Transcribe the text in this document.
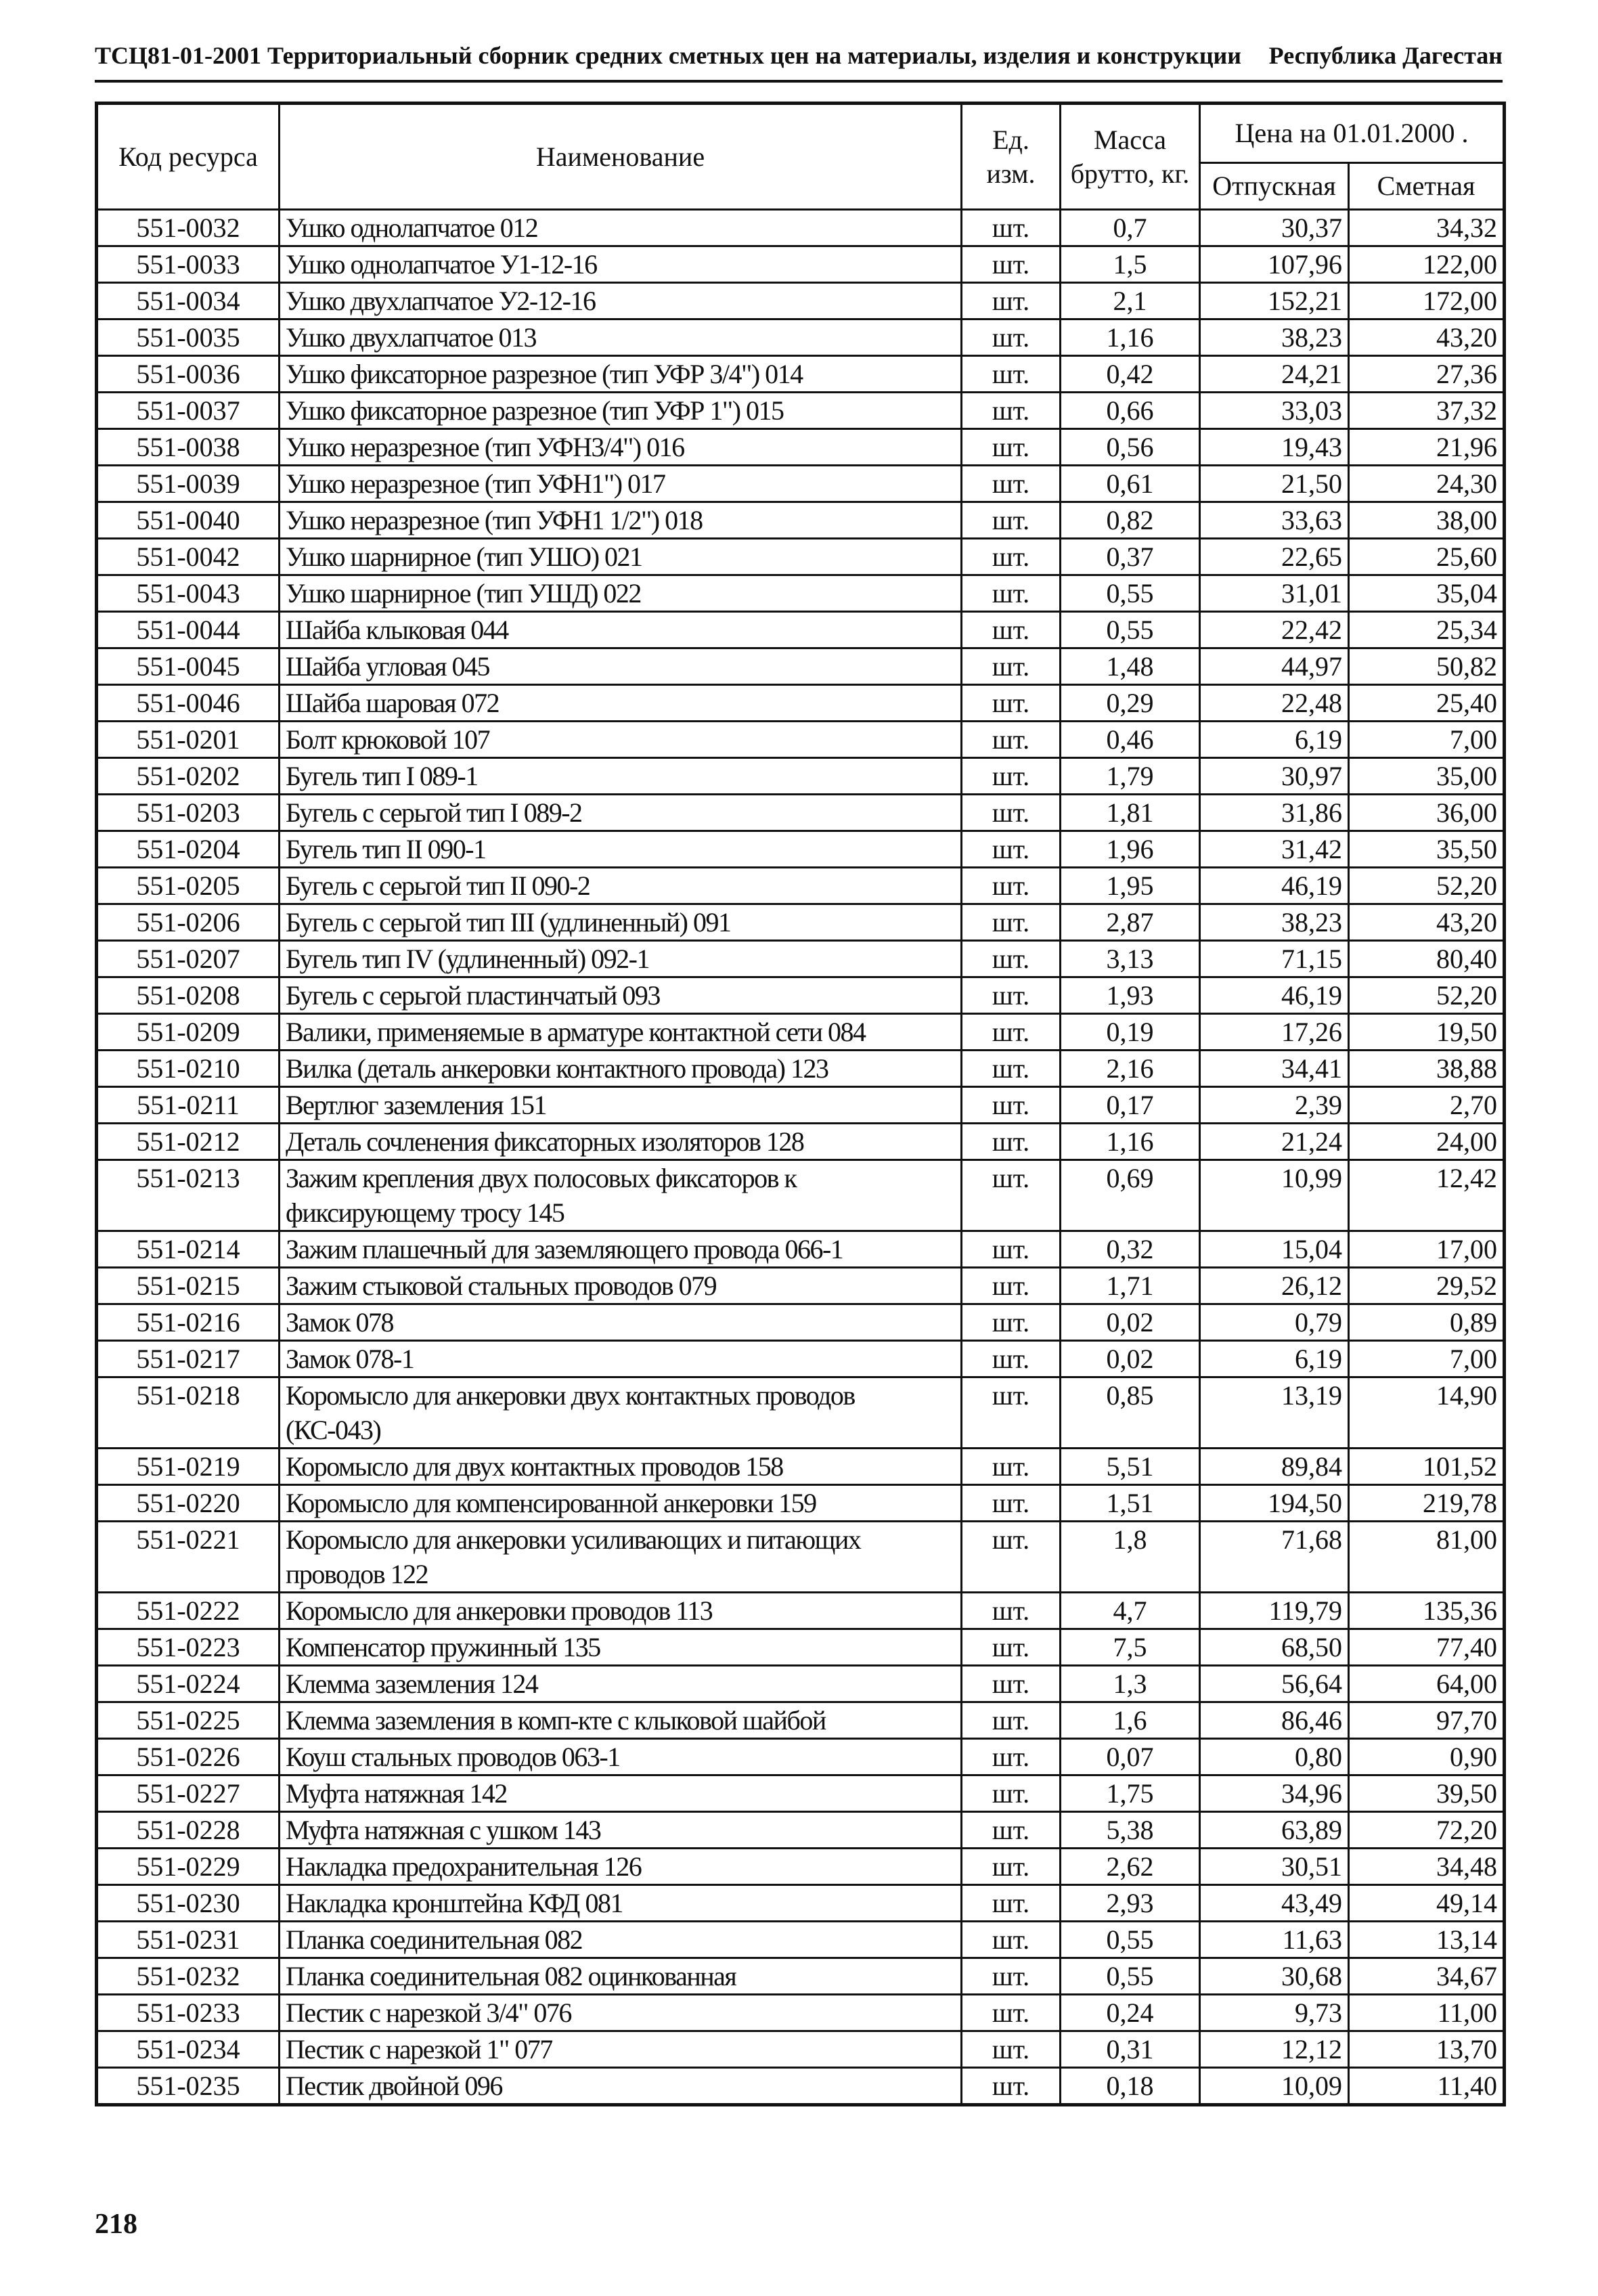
ТСЦ81-01-2001 Территориальный сборник средних сметных цен на материалы, изделия и конструкции Республика Дагестан
Код ресурса	Наименование	Ед. изм.	Масса брутто, кг.	Цена на 01.01.2000 .	
				Отпускная	Сметная
551-0032	Ушко однолапчатое 012	шт.	0,7	30,37	34,32
551-0033	Ушко однолапчатое У1-12-16	шт.	1,5	107,96	122,00
551-0034	Ушко двухлапчатое У2-12-16	шт.	2,1	152,21	172,00
551-0035	Ушко двухлапчатое 013	шт.	1,16	38,23	43,20
551-0036	Ушко фиксаторное разрезное (тип УФР 3/4") 014	шт.	0,42	24,21	27,36
551-0037	Ушко фиксаторное разрезное (тип УФР 1") 015	шт.	0,66	33,03	37,32
551-0038	Ушко неразрезное (тип УФН3/4") 016	шт.	0,56	19,43	21,96
551-0039	Ушко неразрезное (тип УФН1") 017	шт.	0,61	21,50	24,30
551-0040	Ушко неразрезное (тип УФН1 1/2") 018	шт.	0,82	33,63	38,00
551-0042	Ушко шарнирное (тип УШО) 021	шт.	0,37	22,65	25,60
551-0043	Ушко шарнирное (тип УШД) 022	шт.	0,55	31,01	35,04
551-0044	Шайба клыковая 044	шт.	0,55	22,42	25,34
551-0045	Шайба угловая 045	шт.	1,48	44,97	50,82
551-0046	Шайба шаровая 072	шт.	0,29	22,48	25,40
551-0201	Болт крюковой 107	шт.	0,46	6,19	7,00
551-0202	Бугель тип I 089-1	шт.	1,79	30,97	35,00
551-0203	Бугель с серьгой тип I 089-2	шт.	1,81	31,86	36,00
551-0204	Бугель тип II 090-1	шт.	1,96	31,42	35,50
551-0205	Бугель с серьгой тип II 090-2	шт.	1,95	46,19	52,20
551-0206	Бугель с серьгой тип III (удлиненный) 091	шт.	2,87	38,23	43,20
551-0207	Бугель тип IV (удлиненный) 092-1	шт.	3,13	71,15	80,40
551-0208	Бугель с серьгой пластинчатый 093	шт.	1,93	46,19	52,20
551-0209	Валики, применяемые в арматуре контактной сети 084	шт.	0,19	17,26	19,50
551-0210	Вилка (деталь анкеровки контактного провода) 123	шт.	2,16	34,41	38,88
551-0211	Вертлюг заземления 151	шт.	0,17	2,39	2,70
551-0212	Деталь сочленения фиксаторных изоляторов 128	шт.	1,16	21,24	24,00
551-0213	Зажим крепления двух полосовых фиксаторов к фиксирующему тросу 145	шт.	0,69	10,99	12,42
551-0214	Зажим плашечный для заземляющего провода 066-1	шт.	0,32	15,04	17,00
551-0215	Зажим стыковой стальных проводов 079	шт.	1,71	26,12	29,52
551-0216	Замок 078	шт.	0,02	0,79	0,89
551-0217	Замок 078-1	шт.	0,02	6,19	7,00
551-0218	Коромысло для анкеровки двух контактных проводов (КС-043)	шт.	0,85	13,19	14,90
551-0219	Коромысло для двух контактных проводов 158	шт.	5,51	89,84	101,52
551-0220	Коромысло для компенсированной анкеровки 159	шт.	1,51	194,50	219,78
551-0221	Коромысло для анкеровки усиливающих и питающих проводов 122	шт.	1,8	71,68	81,00
551-0222	Коромысло для анкеровки проводов 113	шт.	4,7	119,79	135,36
551-0223	Компенсатор пружинный 135	шт.	7,5	68,50	77,40
551-0224	Клемма заземления 124	шт.	1,3	56,64	64,00
551-0225	Клемма заземления в комп-кте с клыковой шайбой	шт.	1,6	86,46	97,70
551-0226	Коуш стальных проводов 063-1	шт.	0,07	0,80	0,90
551-0227	Муфта натяжная 142	шт.	1,75	34,96	39,50
551-0228	Муфта натяжная с ушком 143	шт.	5,38	63,89	72,20
551-0229	Накладка предохранительная 126	шт.	2,62	30,51	34,48
551-0230	Накладка кронштейна КФД 081	шт.	2,93	43,49	49,14
551-0231	Планка соединительная 082	шт.	0,55	11,63	13,14
551-0232	Планка соединительная 082 оцинкованная	шт.	0,55	30,68	34,67
551-0233	Пестик с нарезкой 3/4" 076	шт.	0,24	9,73	11,00
551-0234	Пестик с нарезкой 1" 077	шт.	0,31	12,12	13,70
551-0235	Пестик двойной 096	шт.	0,18	10,09	11,40
218
